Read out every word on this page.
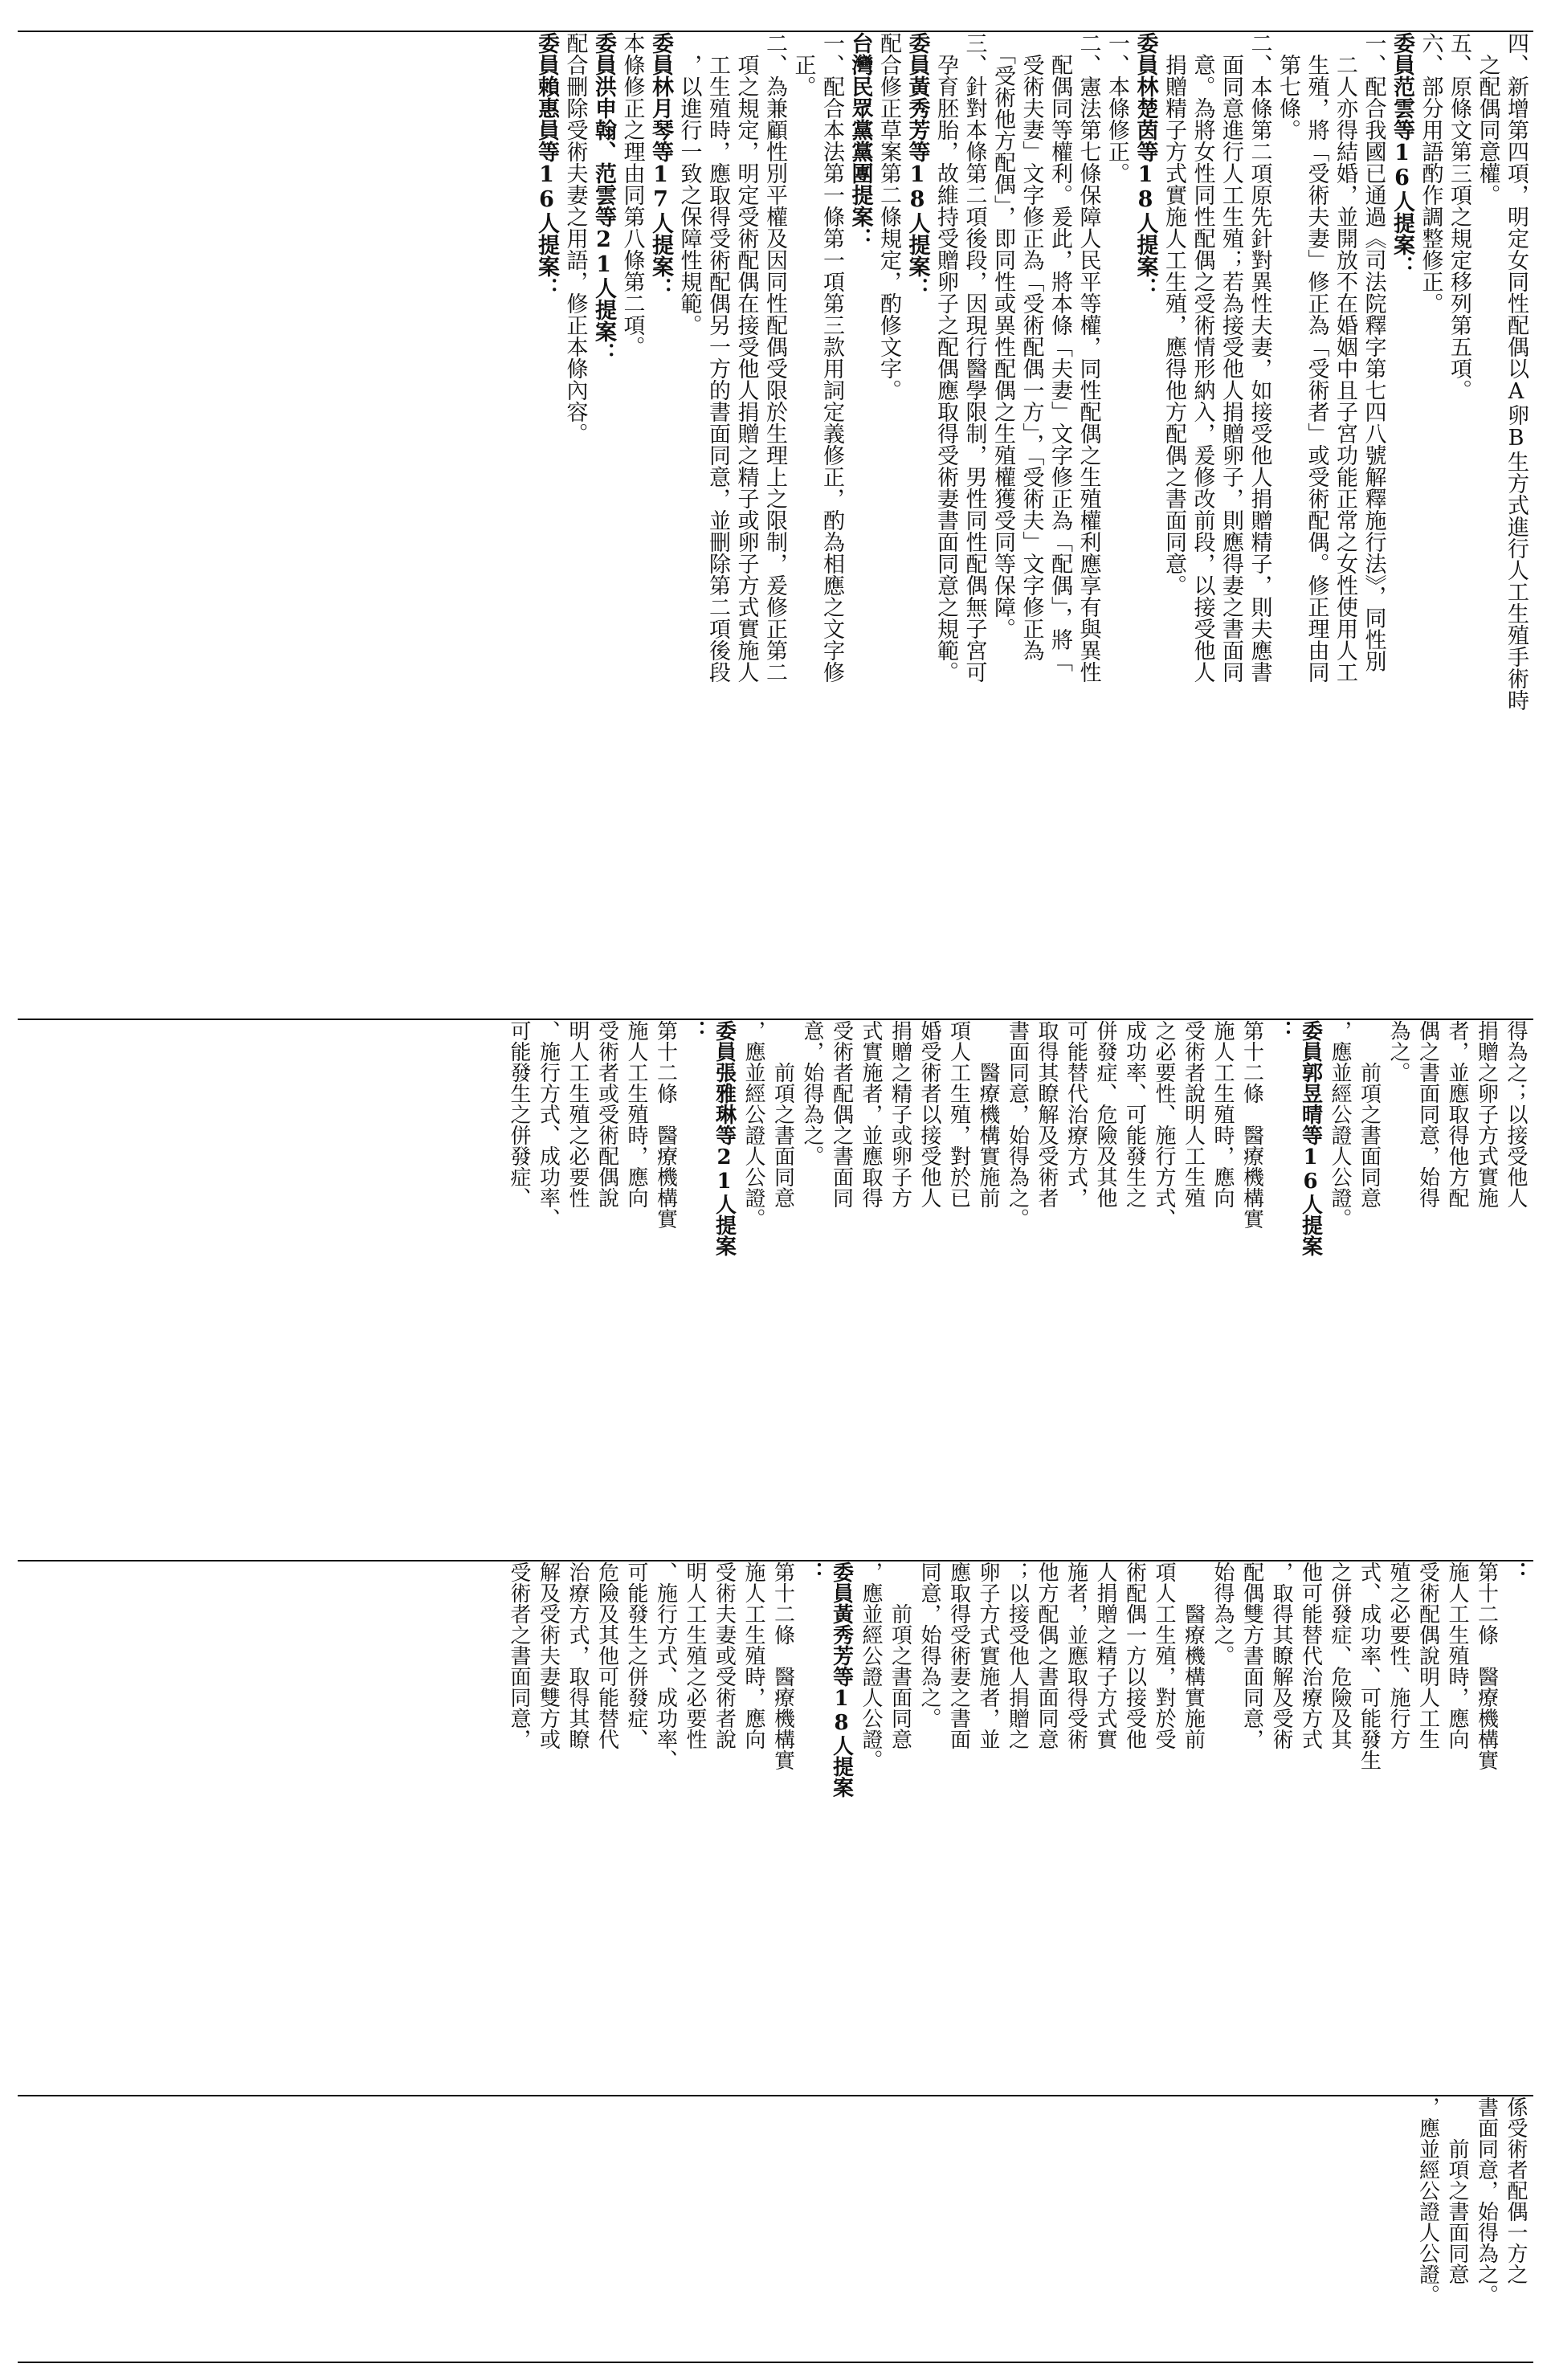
四、新增第四項，明定女同性配偶以A卵B生方式進行人工生殖手術時
　之配偶同意權。
五、原條文第三項之規定移列第五項。
六、部分用語酌作調整修正。
委員范雲等16人提案：
一、配合我國已通過《司法院釋字第七四八號解釋施行法》，同性別
　二人亦得結婚，並開放不在婚姻中且子宮功能正常之女性使用人工
　生殖，將「受術夫妻」修正為「受術者」或受術配偶。修正理由同
　第七條。
二、本條第二項原先針對異性夫妻，如接受他人捐贈精子，則夫應書
　面同意進行人工生殖；若為接受他人捐贈卵子，則應得妻之書面同
　意。為將女性同性配偶之受術情形納入，爰修改前段，以接受他人
　捐贈精子方式實施人工生殖，應得他方配偶之書面同意。
委員林楚茵等18人提案：
一、本條修正。
二、憲法第七條保障人民平等權，同性配偶之生殖權利應享有與異性
　配偶同等權利。爰此，將本條「夫妻」文字修正為「配偶」，將「
　受術夫妻」文字修正為「受術配偶一方」，「受術夫」文字修正為
　「受術他方配偶」，即同性或異性配偶之生殖權獲受同等保障。
三、針對本條第二項後段，因現行醫學限制，男性同性配偶無子宮可
　孕育胚胎，故維持受贈卵子之配偶應取得受術妻書面同意之規範。
委員黃秀芳等18人提案：
配合修正草案第二條規定，酌修文字。
台灣民眾黨黨團提案：
一、配合本法第一條第一項第三款用詞定義修正，酌為相應之文字修
　正。
二、為兼顧性別平權及因同性配偶受限於生理上之限制，爰修正第二
　項之規定，明定受術配偶在接受他人捐贈之精子或卵子方式實施人
　工生殖時，應取得受術配偶另一方的書面同意，並刪除第二項後段
　，以進行一致之保障性規範。
委員林月琴等17人提案：
本條修正之理由同第八條第二項。
委員洪申翰、范雲等21人提案：
配合刪除受術夫妻之用語，修正本條內容。
委員賴惠員等16人提案：
得為之；以接受他人
捐贈之卵子方式實施
者，並應取得他方配
偶之書面同意，始得
為之。
　　前項之書面同意
，應並經公證人公證。
委員郭昱晴等16人提案
：
第十二條　醫療機構實
施人工生殖時，應向
受術者說明人工生殖
之必要性、施行方式、
成功率、可能發生之
併發症、危險及其他
可能替代治療方式，
取得其瞭解及受術者
書面同意，始得為之。
　　醫療機構實施前
項人工生殖，對於已
婚受術者以接受他人
捐贈之精子或卵子方
式實施者，並應取得
受術者配偶之書面同
意，始得為之。
　　前項之書面同意
，應並經公證人公證。
委員張雅琳等21人提案
：
第十二條　醫療機構實
施人工生殖時，應向
受術者或受術配偶說
明人工生殖之必要性
、施行方式、成功率、
可能發生之併發症、
：
第十二條　醫療機構實
施人工生殖時，應向
受術配偶說明人工生
殖之必要性、施行方
式、成功率、可能發生
之併發症、危險及其
他可能替代治療方式
，取得其瞭解及受術
配偶雙方書面同意，
始得為之。
　　醫療機構實施前
項人工生殖，對於受
術配偶一方以接受他
人捐贈之精子方式實
施者，並應取得受術
他方配偶之書面同意
；以接受他人捐贈之
卵子方式實施者，並
應取得受術妻之書面
同意，始得為之。
　　前項之書面同意
，應並經公證人公證。
委員黃秀芳等18人提案
：
第十二條　醫療機構實
施人工生殖時，應向
受術夫妻或受術者說
明人工生殖之必要性
、施行方式、成功率、
可能發生之併發症、
危險及其他可能替代
治療方式，取得其瞭
解及受術夫妻雙方或
受術者之書面同意，
係受術者配偶一方之
書面同意，始得為之。
　　前項之書面同意
，應並經公證人公證。
